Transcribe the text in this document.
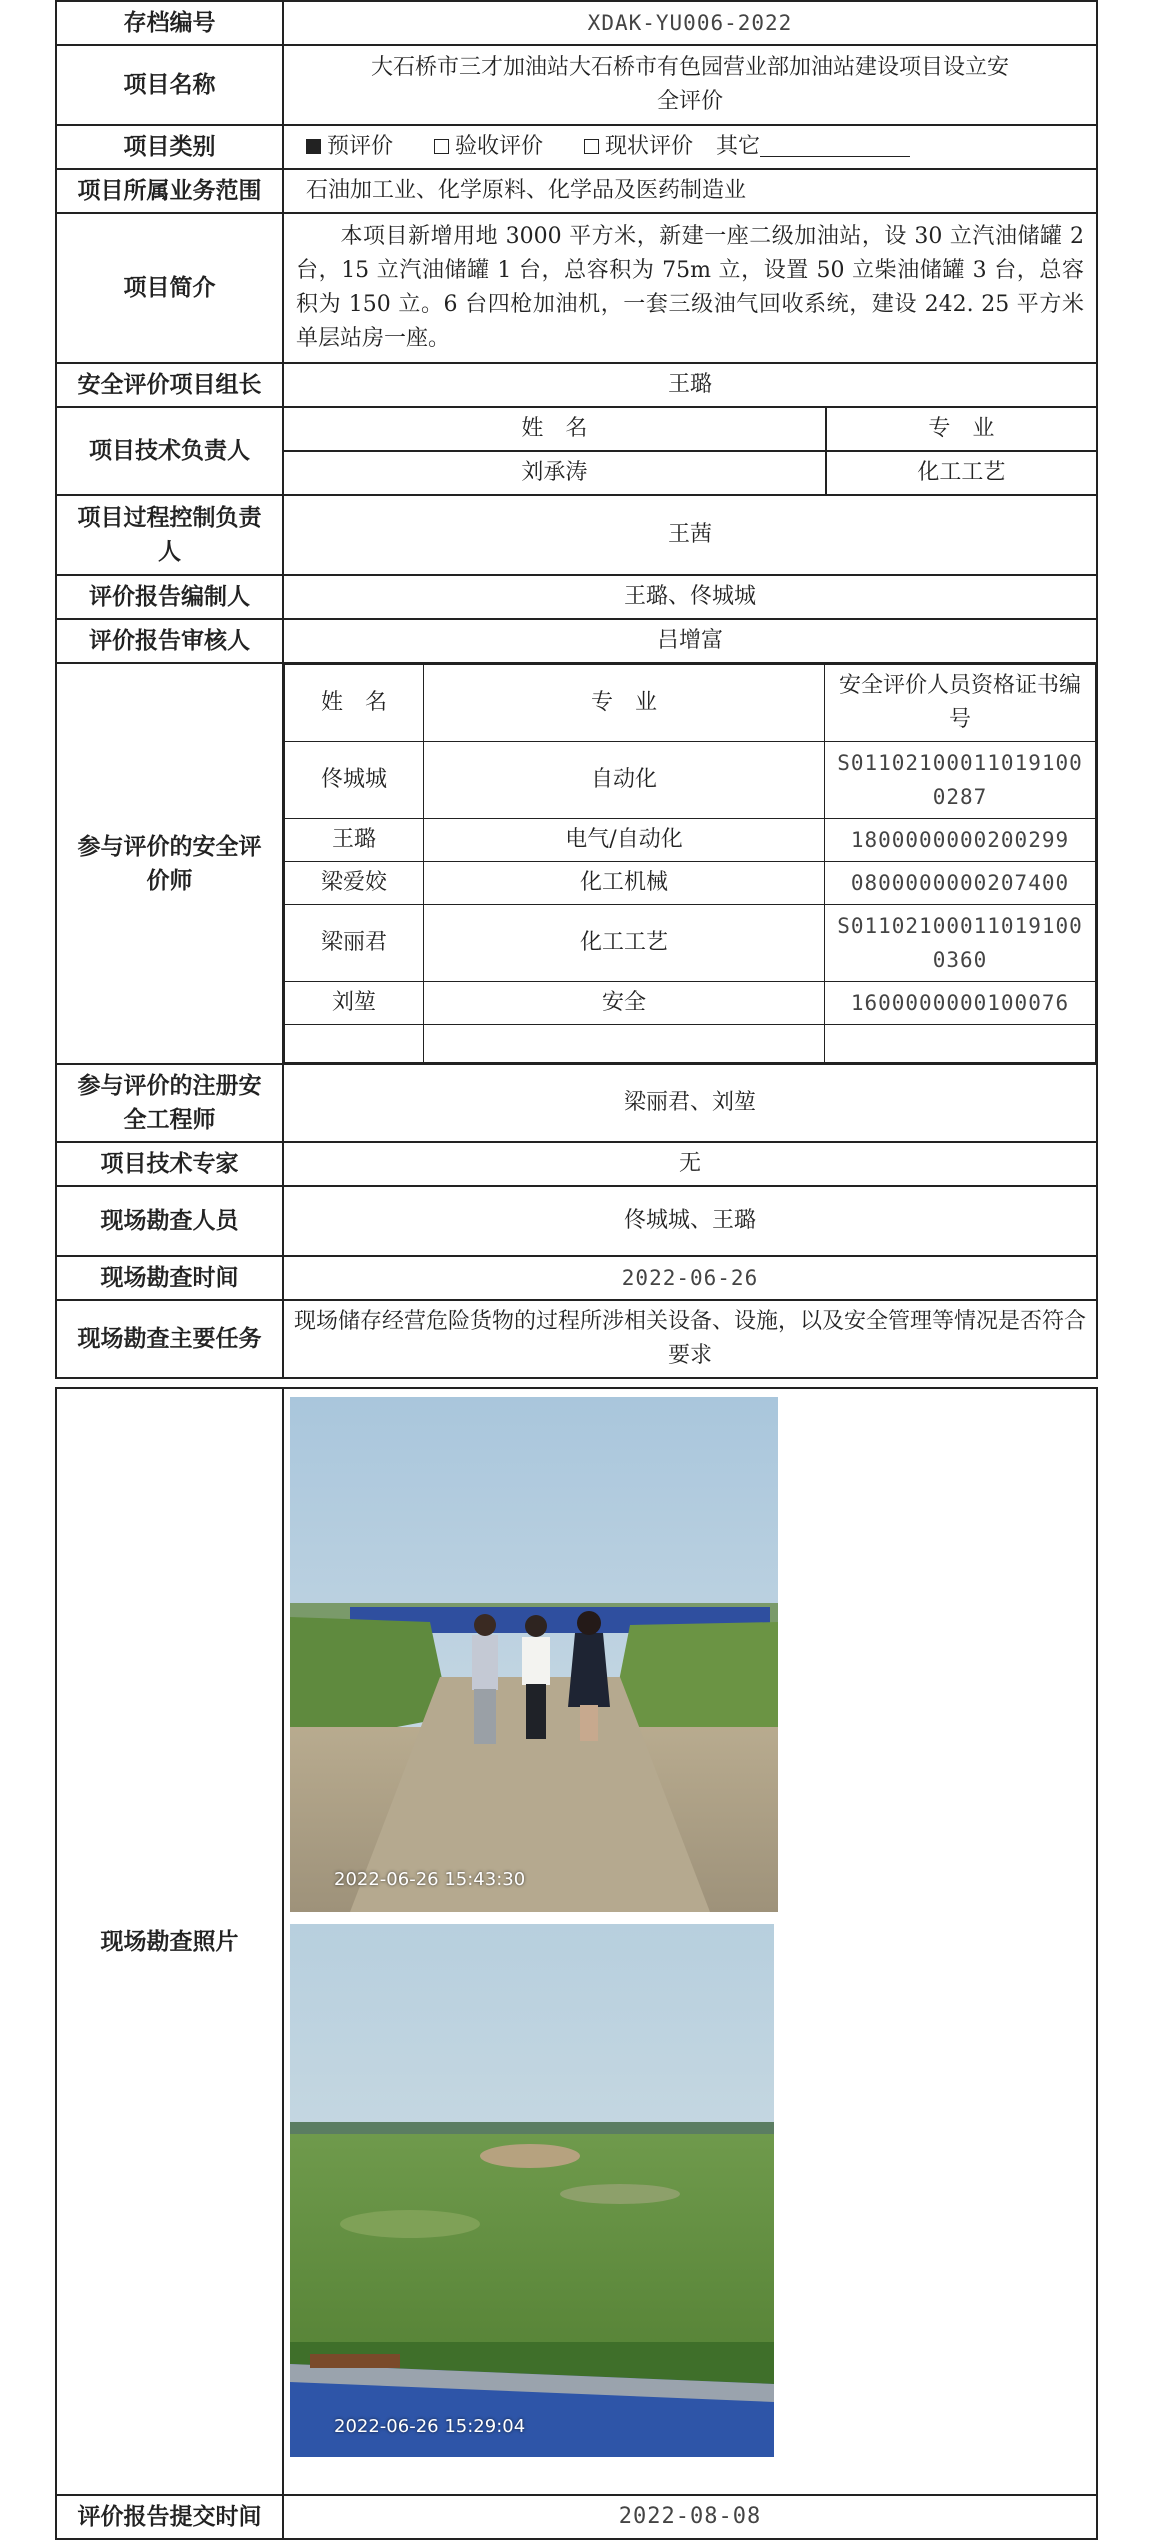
存档编号	XDAK-YU006-2022
项目名称	大石桥市三才加油站大石桥市有色园营业部加油站建设项目设立安全评价
项目类别	预评价	验收评价	现状评价 其它
项目所属业务范围	石油加工业、化学原料、化学品及医药制造业
项目简介	本项目新增用地 3000 平方米，新建一座二级加油站，设 30 立汽油储罐 2 台，15 立汽油储罐 1 台，总容积为 75m 立，设置 50 立柴油储罐 3 台，总容积为 150 立。6 台四枪加油机，一套三级油气回收系统，建设 242. 25 平方米单层站房一座。
安全评价项目组长	王璐
项目技术负责人	姓　名	专　业
刘承涛	化工工艺
项目过程控制负责人	王茜
评价报告编制人	王璐、佟城城
评价报告审核人	吕增富
参与评价的安全评价师	
姓　名	专　业	安全评价人员资格证书编号
佟城城	自动化	S011021000110191000287
王璐	电气/自动化	1800000000200299
梁爱姣	化工机械	0800000000207400
梁丽君	化工工艺	S011021000110191000360
刘堃	安全	1600000000100076

参与评价的注册安全工程师	梁丽君、刘堃
项目技术专家	无
现场勘查人员	佟城城、王璐
现场勘查时间	2022-06-26
现场勘查主要任务	现场储存经营危险货物的过程所涉相关设备、设施，以及安全管理等情况是否符合要求
现场勘查照片	2022-06-26 15:43:30
2022-06-26 15:29:04

评价报告提交时间	2022-08-08
